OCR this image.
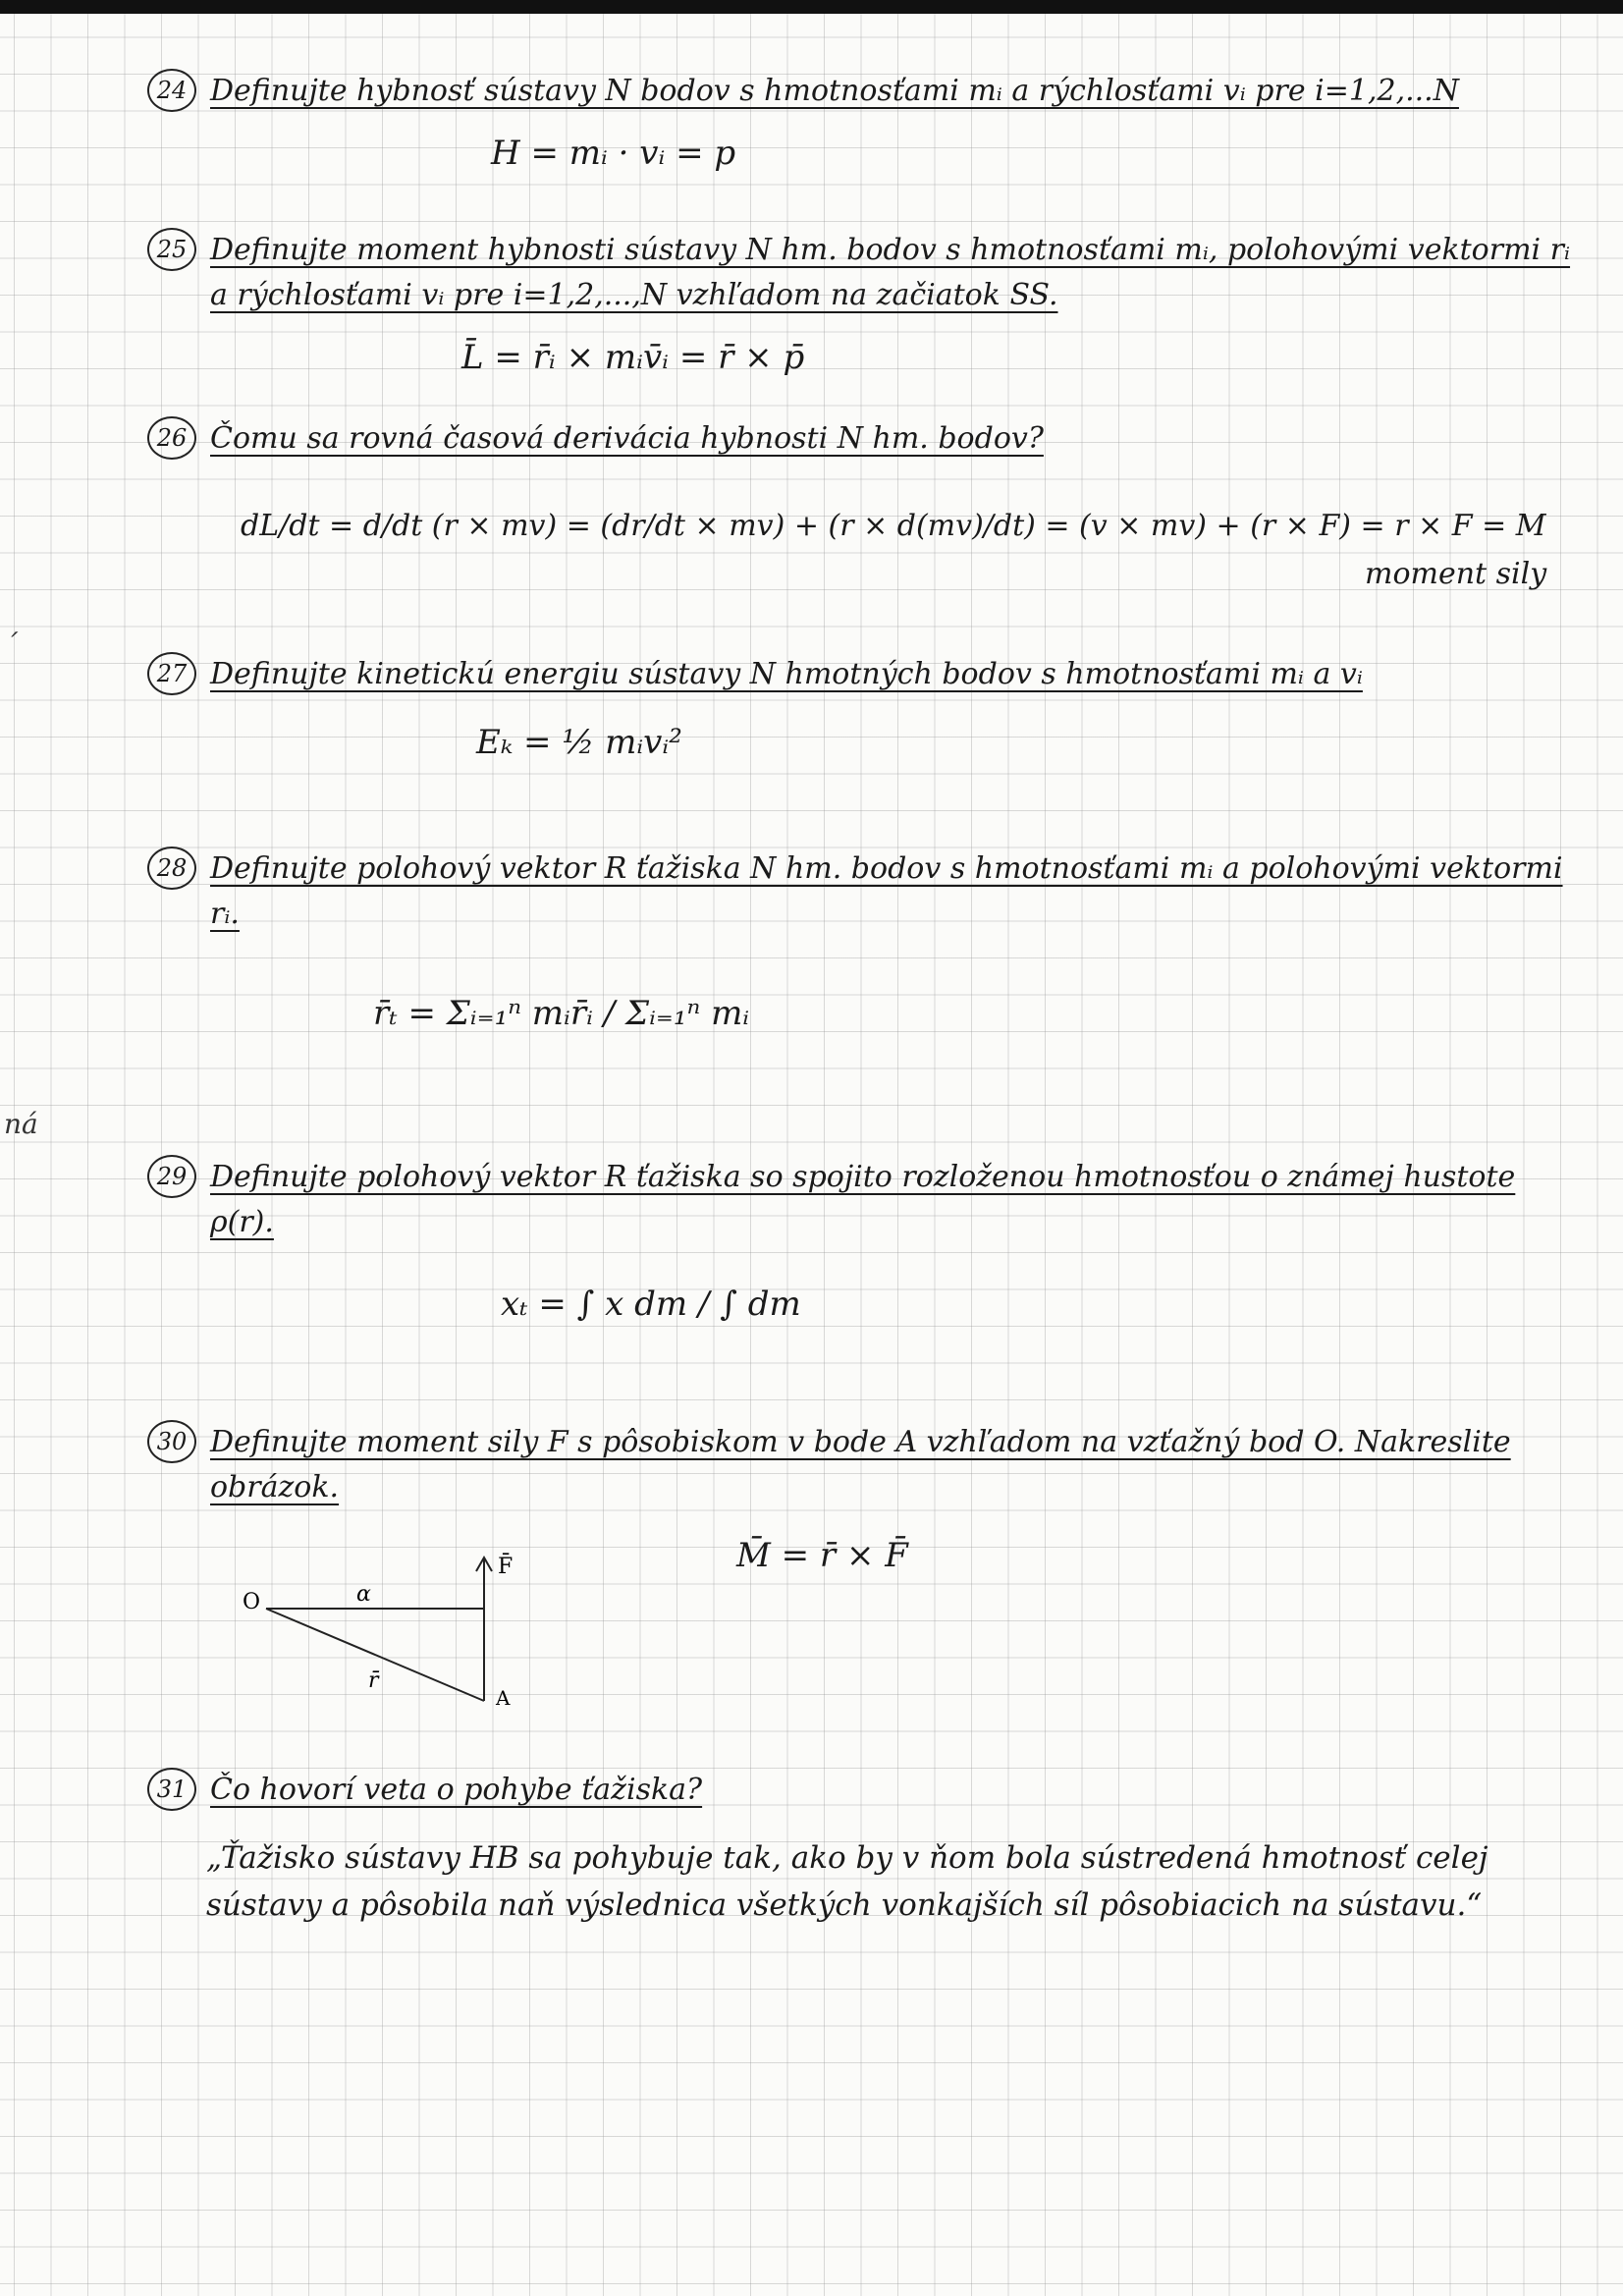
´
ná
24 Definujte hybnosť sústavy N bodov s hmotnosťami mᵢ a rýchlosťami vᵢ pre i=1,2,...N
H = mᵢ · vᵢ = p
25 Definujte moment hybnosti sústavy N hm. bodov s hmotnosťami mᵢ, polohovými vektormi rᵢ a rýchlosťami vᵢ pre i=1,2,...,N vzhľadom na začiatok SS.
L̄ = r̄ᵢ × mᵢv̄ᵢ = r̄ × p̄
26 Čomu sa rovná časová derivácia hybnosti N hm. bodov?
dL/dt = d/dt (r × mv) = (dr/dt × mv) + (r × d(mv)/dt) = (v × mv) + (r × F) = r × F = M
moment sily
27 Definujte kinetickú energiu sústavy N hmotných bodov s hmotnosťami mᵢ a vᵢ
Eₖ = ½ mᵢvᵢ²
28 Definujte polohový vektor R ťažiska N hm. bodov s hmotnosťami mᵢ a polohovými vektormi rᵢ.
r̄ₜ = Σᵢ₌₁ⁿ mᵢr̄ᵢ / Σᵢ₌₁ⁿ mᵢ
29 Definujte polohový vektor R ťažiska so spojito rozloženou hmotnosťou o známej hustote ρ(r).
xₜ = ∫ x dm / ∫ dm
30 Definujte moment sily F s pôsobiskom v bode A vzhľadom na vzťažný bod O. Nakreslite obrázok.
M̄ = r̄ × F̄
O
A
α
F̄
r̄
31 Čo hovorí veta o pohybe ťažiska?
„Ťažisko sústavy HB sa pohybuje tak, ako by v ňom bola sústredená hmotnosť celej sústavy a pôsobila naň výslednica všetkých vonkajších síl pôsobiacich na sústavu.“
